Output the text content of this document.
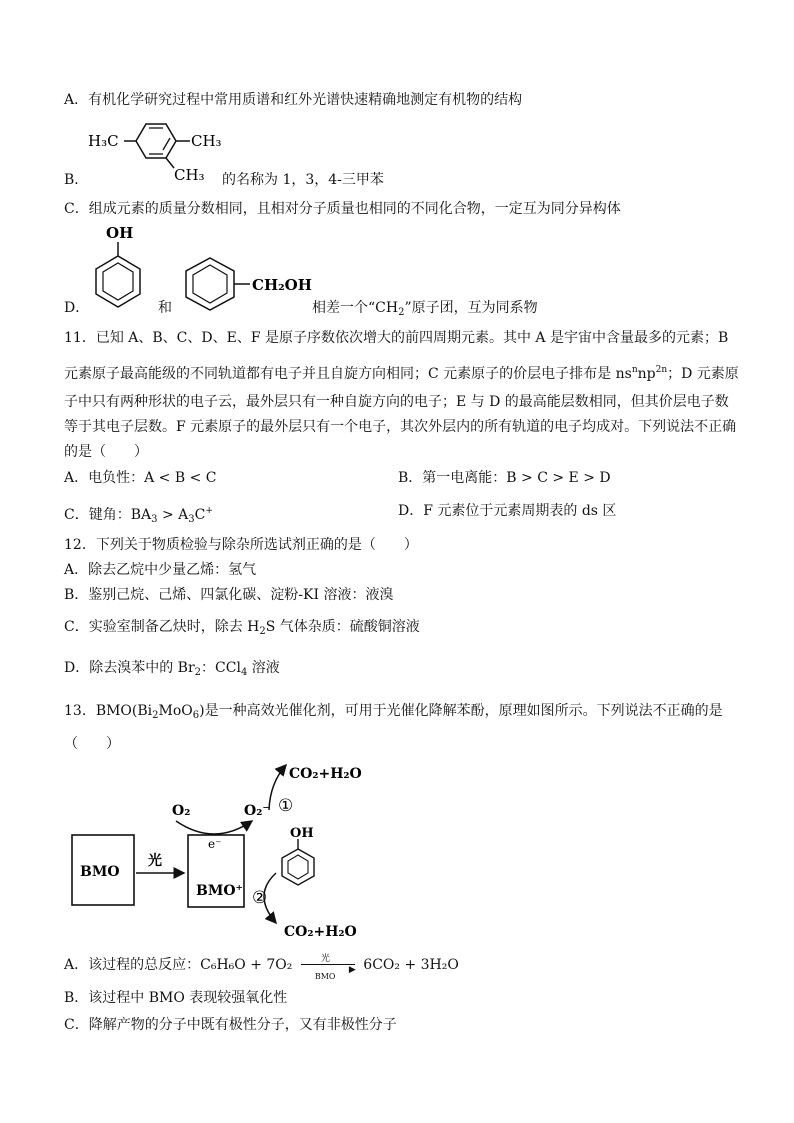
A．有机化学研究过程中常用质谱和红外光谱快速精确地测定有机物的结构
H₃C	CH₃
CH₃
B．	的名称为 1，3，4-三甲苯
C．组成元素的质量分数相同，且相对分子质量也相同的不同化合物，一定互为同分异构体
OH
D．	和
CH₂OH
相差一个“$CH_2$”原子团，互为同系物
11．已知 A、B、C、D、E、F 是原子序数依次增大的前四周期元素。其中 A 是宇宙中含量最多的元素；B
元素原子最高能级的不同轨道都有电子并且自旋方向相同；C 元素原子的价层电子排布是 $ns^nnp^{2n}$；D 元素原
子中只有两种形状的电子云，最外层只有一种自旋方向的电子；E 与 D 的最高能层数相同，但其价层电子数
等于其电子层数。F 元素原子的最外层只有一个电子，其次外层内的所有轨道的电子均成对。下列说法不正确
的是（　　）
A．电负性：A < B < C	B．第一电离能：B > C > E > D
C．键角：$BA_3 > A_3C^+$	D．F 元素位于元素周期表的 ds 区
12．下列关于物质检验与除杂所选试剂正确的是（　　）
A．除去乙烷中少量乙烯：氢气
B．鉴别己烷、己烯、四氯化碳、淀粉-KI 溶液：液溴
C．实验室制备乙炔时，除去 $H_2S$ 气体杂质：硫酸铜溶液
D．除去溴苯中的 $Br_2$：CCl$_4$ 溶液
13．$BMO(Bi_2MoO_6)$是一种高效光催化剂，可用于光催化降解苯酚，原理如图所示。下列说法不正确的是
（　　）
BMO
光
BMO⁺
e⁻
O₂	O₂⁻
CO₂+H₂O
①
OH
②
CO₂+H₂O
A．该过程的总反应：C₆H₆O + 7O₂	光
▶
BMO
6CO₂ + 3H₂O
B．该过程中 BMO 表现较强氧化性
C．降解产物的分子中既有极性分子，又有非极性分子
